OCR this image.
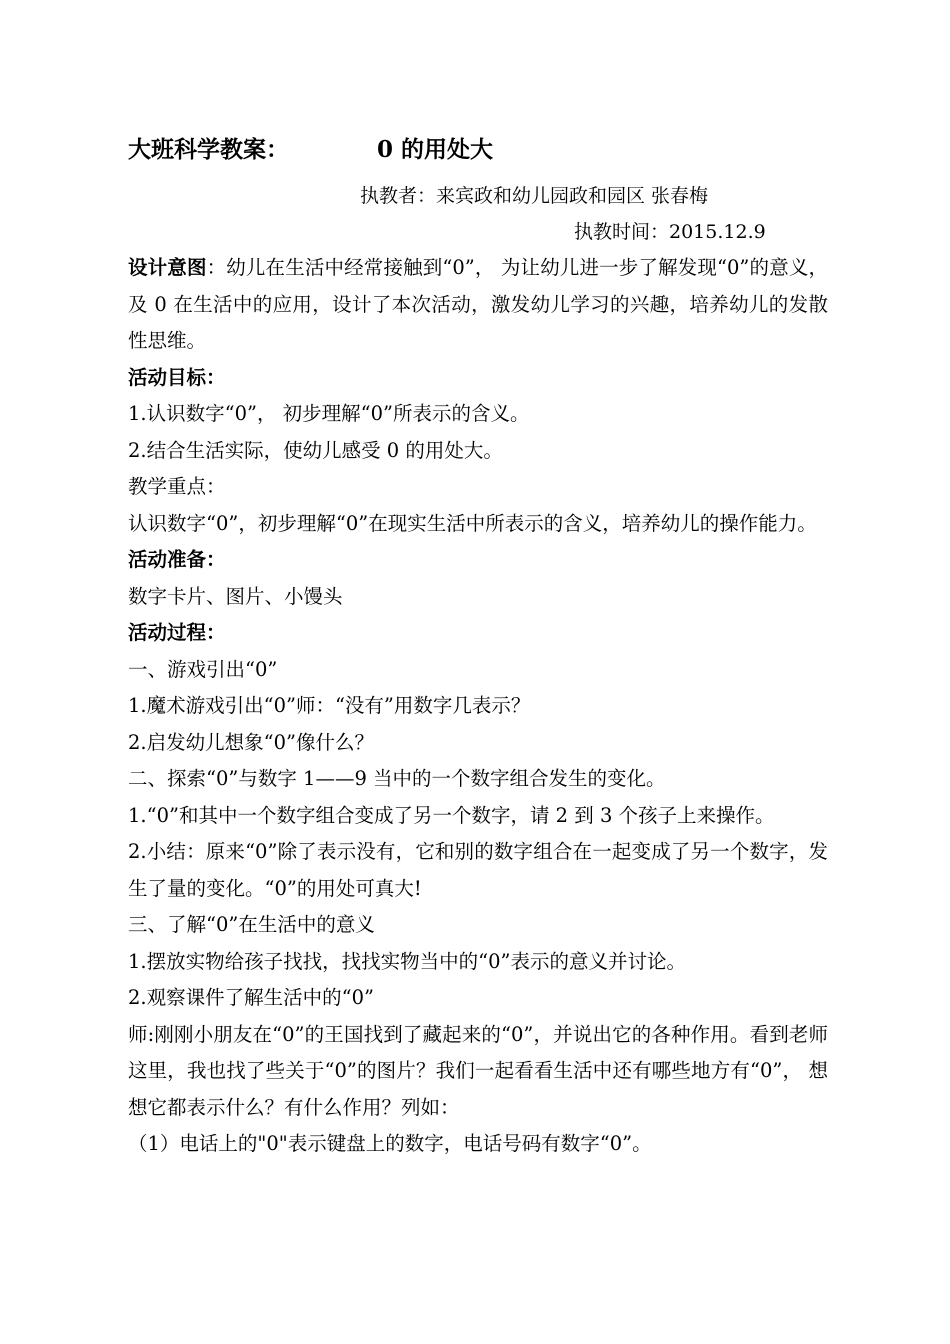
大班科学教案：	0 的用处大
执教者：来宾政和幼儿园政和园区 张春梅
执教时间：2015.12.9

设计意图：幼儿在生活中经常接触到“0”， 为让幼儿进一步了解发现“0”的意义，及 0 在生活中的应用，设计了本次活动，激发幼儿学习的兴趣，培养幼儿的发散性思维。

活动目标：

1.认识数字“0”， 初步理解“0”所表示的含义。

2.结合生活实际，使幼儿感受 0 的用处大。

教学重点：

认识数字“0”，初步理解“0”在现实生活中所表示的含义，培养幼儿的操作能力。

活动准备：

数字卡片、图片、小馒头

活动过程：

一、游戏引出“0”

1.魔术游戏引出“0”师：“没有”用数字几表示？

2.启发幼儿想象“0”像什么？

二、探索“0”与数字 1——9 当中的一个数字组合发生的变化。

1.“0”和其中一个数字组合变成了另一个数字，请 2 到 3 个孩子上来操作。

2.小结：原来“0”除了表示没有，它和别的数字组合在一起变成了另一个数字，发生了量的变化。“0”的用处可真大!

三、了解“0”在生活中的意义

1.摆放实物给孩子找找，找找实物当中的“0”表示的意义并讨论。

2.观察课件了解生活中的“0”

师:刚刚小朋友在“0”的王国找到了藏起来的“0”，并说出它的各种作用。看到老师这里，我也找了些关于“0”的图片？我们一起看看生活中还有哪些地方有“0”， 想想它都表示什么？有什么作用？列如：

（1）电话上的"0"表示键盘上的数字，电话号码有数字“0”。
